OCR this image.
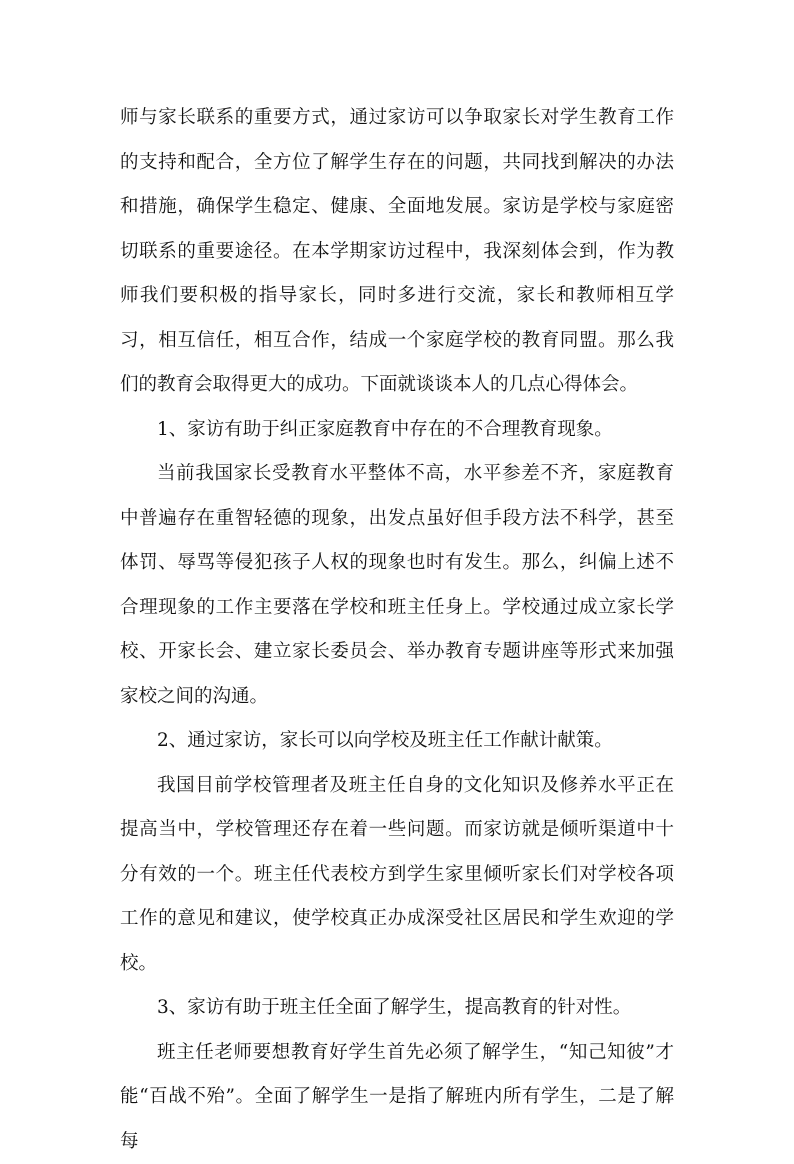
师与家长联系的重要方式，通过家访可以争取家长对学生教育工作的支持和配合，全方位了解学生存在的问题，共同找到解决的办法和措施，确保学生稳定、健康、全面地发展。家访是学校与家庭密切联系的重要途径。在本学期家访过程中，我深刻体会到，作为教师我们要积极的指导家长，同时多进行交流，家长和教师相互学习，相互信任，相互合作，结成一个家庭学校的教育同盟。那么我们的教育会取得更大的成功。下面就谈谈本人的几点心得体会。

1、家访有助于纠正家庭教育中存在的不合理教育现象。

当前我国家长受教育水平整体不高，水平参差不齐，家庭教育中普遍存在重智轻德的现象，出发点虽好但手段方法不科学，甚至体罚、辱骂等侵犯孩子人权的现象也时有发生。那么，纠偏上述不合理现象的工作主要落在学校和班主任身上。学校通过成立家长学校、开家长会、建立家长委员会、举办教育专题讲座等形式来加强家校之间的沟通。

2、通过家访，家长可以向学校及班主任工作献计献策。

我国目前学校管理者及班主任自身的文化知识及修养水平正在提高当中，学校管理还存在着一些问题。而家访就是倾听渠道中十分有效的一个。班主任代表校方到学生家里倾听家长们对学校各项工作的意见和建议，使学校真正办成深受社区居民和学生欢迎的学校。

3、家访有助于班主任全面了解学生，提高教育的针对性。

班主任老师要想教育好学生首先必须了解学生，“知己知彼”才能“百战不殆”。全面了解学生一是指了解班内所有学生，二是了解每
